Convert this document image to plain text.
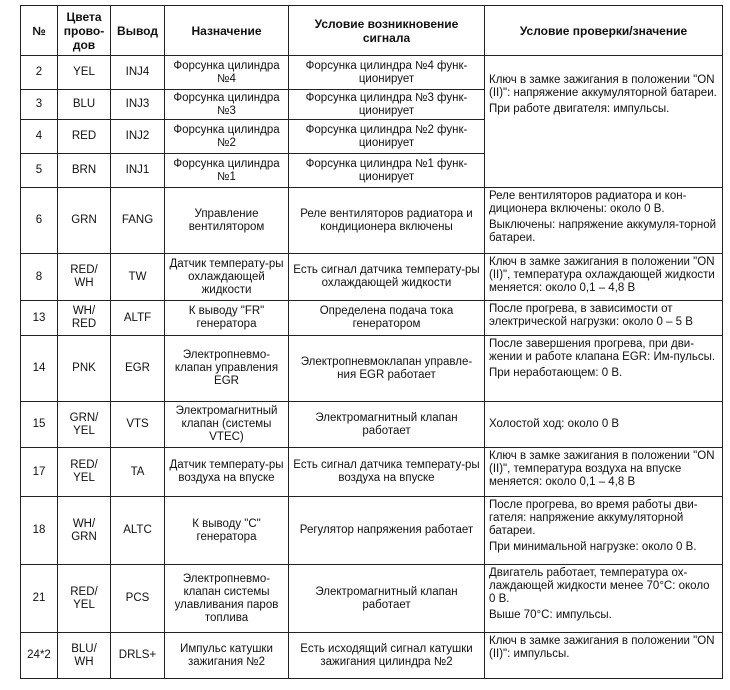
№	Цвета прово-дов	Вывод	Назначение	Условие возникновение сигнала	Условие проверки/значение
2	YEL	INJ4	Форсунка цилиндра №4	Форсунка цилиндра №4 функ-ционирует	Ключ в замке зажигания в положении "ON (II)": напряжение аккумуляторной батареи.

При работе двигателя: импульсы.

3	BLU	INJ3	Форсунка цилиндра №3	Форсунка цилиндра №3 функ-ционирует	
4	RED	INJ2	Форсунка цилиндра №2	Форсунка цилиндра №2 функ-ционирует	
5	BRN	INJ1	Форсунка цилиндра №1	Форсунка цилиндра №1 функ-ционирует	
6	GRN	FANG	Управление вентилятором	Реле вентиляторов радиатора и кондиционера включены	Реле вентиляторов радиатора и кон-диционера включены: около 0 В.

Выключены: напряжение аккумуля-торной батареи.

8	RED/ WH	TW	Датчик температу-ры охлаждающей жидкости	Есть сигнал датчика температу-ры охлаждающей жидкости	Ключ в замке зажигания в положении "ON (II)", температура охлаждающей жидкости меняется: около 0,1 – 4,8 В

13	WH/ RED	ALTF	К выводу "FR" генератора	Определена подача тока генератором	После прогрева, в зависимости от электрической нагрузки: около 0 – 5 В

14	PNK	EGR	Электропневмо-клапан управления EGR	Электропневмоклапан управле-ния EGR работает	После завершения прогрева, при дви-жении и работе клапана EGR: Им-пульсы.

При неработающем: 0 В.

15	GRN/ YEL	VTS	Электромагнитный клапан (системы VTEC)	Электромагнитный клапан работает	Холостой ход: около 0 В

17	RED/ YEL	TA	Датчик температу-ры воздуха на впуске	Есть сигнал датчика температу-ры воздуха на впуске	Ключ в замке зажигания в положении "ON (II)", температура воздуха на впуске меняется: около 0,1 – 4,8 В

18	WH/ GRN	ALTC	К выводу "С" генератора	Регулятор напряжения работает	После прогрева, во время работы дви-гателя: напряжение аккумуляторной батареи.

При минимальной нагрузке: около 0 В.

21	RED/ YEL	PCS	Электропневмо-клапан системы улавливания паров топлива	Электромагнитный клапан работает	Двигатель работает, температура ох-лаждающей жидкости менее 70°C: около 0 В.

Выше 70°C: импульсы.

24*2	BLU/ WH	DRLS+	Импульс катушки зажигания №2	Есть исходящий сигнал катушки зажигания цилиндра №2	Ключ в замке зажигания в положении "ON (II)": импульсы.
